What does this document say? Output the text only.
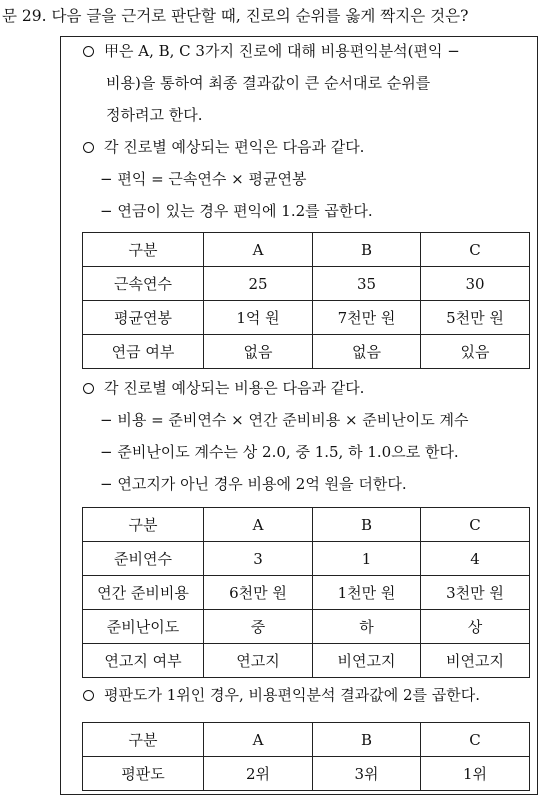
문 29. 다음 글을 근거로 판단할 때, 진로의 순위를 옳게 짝지은 것은?
甲은 A, B, C 3가지 진로에 대해 비용편익분석(편익 −
비용)을 통하여 최종 결과값이 큰 순서대로 순위를
정하려고 한다.
각 진로별 예상되는 편익은 다음과 같다.
− 편익 = 근속연수 × 평균연봉
− 연금이 있는 경우 편익에 1.2를 곱한다.
구분	A	B	C
근속연수	25	35	30
평균연봉	1억 원	7천만 원	5천만 원
연금 여부	없음	없음	있음
각 진로별 예상되는 비용은 다음과 같다.
− 비용 = 준비연수 × 연간 준비비용 × 준비난이도 계수
− 준비난이도 계수는 상 2.0, 중 1.5, 하 1.0으로 한다.
− 연고지가 아닌 경우 비용에 2억 원을 더한다.
구분	A	B	C
준비연수	3	1	4
연간 준비비용	6천만 원	1천만 원	3천만 원
준비난이도	중	하	상
연고지 여부	연고지	비연고지	비연고지
평판도가 1위인 경우, 비용편익분석 결과값에 2를 곱한다.
구분	A	B	C
평판도	2위	3위	1위
